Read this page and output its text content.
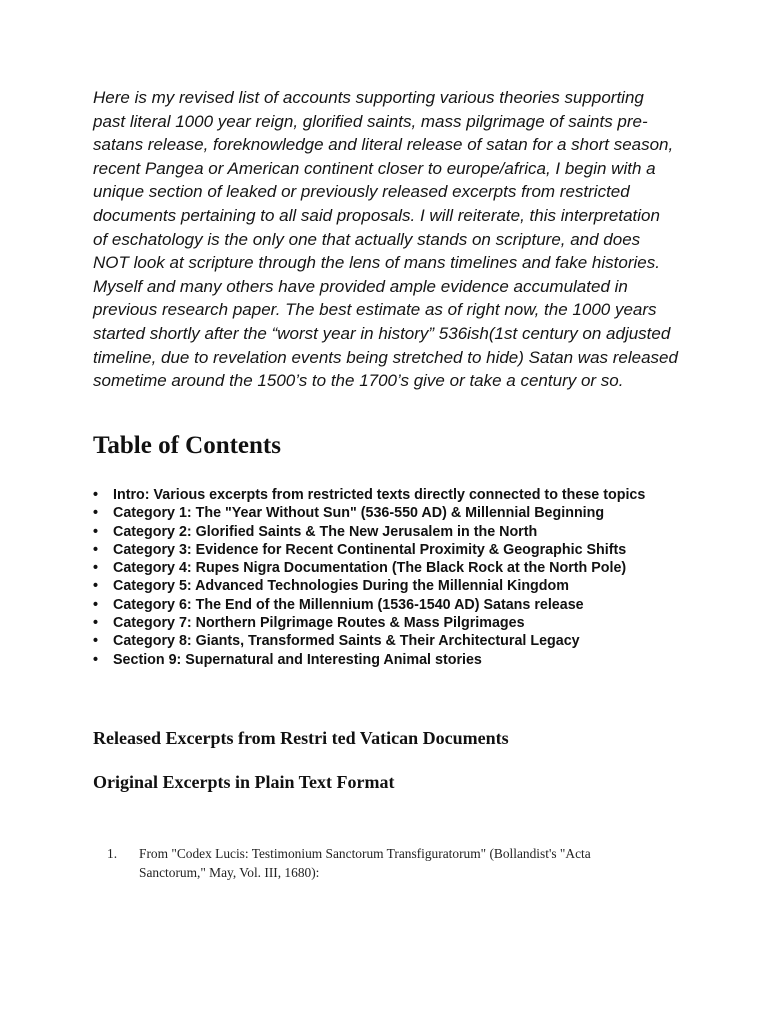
Here is my revised list of accounts supporting various theories supporting past literal 1000 year reign, glorified saints, mass pilgrimage of saints pre-satans release, foreknowledge and literal release of satan for a short season, recent Pangea or American continent closer to europe/africa, I begin with a unique section of leaked or previously released excerpts from restricted documents pertaining to all said proposals. I will reiterate, this interpretation of eschatology is the only one that actually stands on scripture, and does NOT look at scripture through the lens of mans timelines and fake histories. Myself and many others have provided ample evidence accumulated in previous research paper. The best estimate as of right now, the 1000 years started shortly after the “worst year in history” 536ish(1st century on adjusted timeline, due to revelation events being stretched to hide) Satan was released sometime around the 1500’s to the 1700’s give or take a century or so.

Table of Contents
• Intro: Various excerpts from restricted texts directly connected to these topics
• Category 1: The "Year Without Sun" (536-550 AD) & Millennial Beginning
• Category 2: Glorified Saints & The New Jerusalem in the North
• Category 3: Evidence for Recent Continental Proximity & Geographic Shifts
• Category 4: Rupes Nigra Documentation (The Black Rock at the North Pole)
• Category 5: Advanced Technologies During the Millennial Kingdom
• Category 6: The End of the Millennium (1536-1540 AD) Satans release
• Category 7: Northern Pilgrimage Routes & Mass Pilgrimages
• Category 8: Giants, Transformed Saints & Their Architectural Legacy
• Section 9: Supernatural and Interesting Animal stories
Released Excerpts from Restri ted Vatican Documents
Original Excerpts in Plain Text Format
1. From "Codex Lucis: Testimonium Sanctorum Transfiguratorum" (Bollandist's "Acta Sanctorum," May, Vol. III, 1680):
